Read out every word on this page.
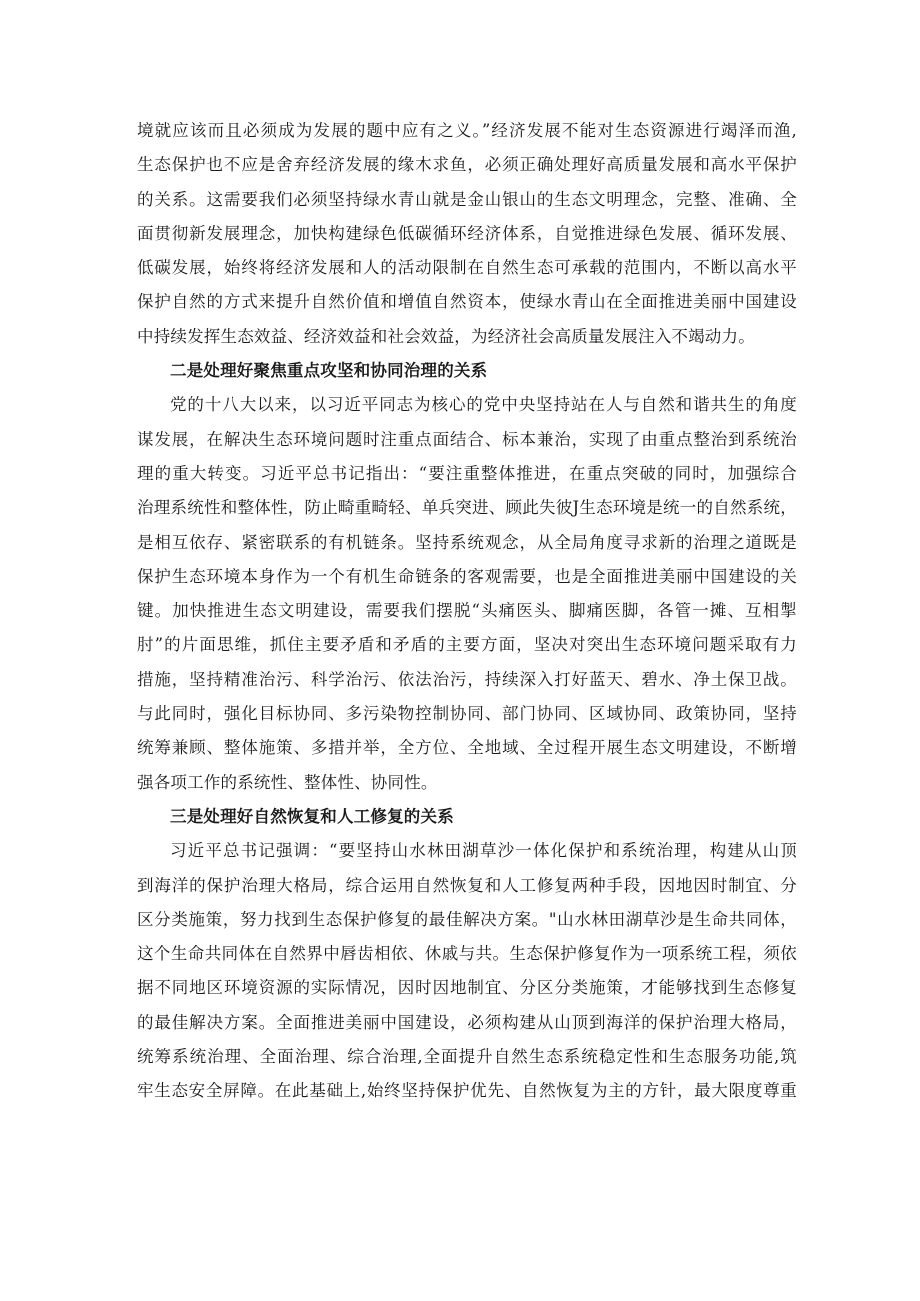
境就应该而且必须成为发展的题中应有之义。”经济发展不能对生态资源进行竭泽而渔,
生态保护也不应是舍弃经济发展的缘木求鱼，必须正确处理好高质量发展和高水平保护
的关系。这需要我们必须坚持绿水青山就是金山银山的生态文明理念，完整、准确、全
面贯彻新发展理念，加快构建绿色低碳循环经济体系，自觉推进绿色发展、循环发展、
低碳发展，始终将经济发展和人的活动限制在自然生态可承载的范围内，不断以高水平
保护自然的方式来提升自然价值和增值自然资本，使绿水青山在全面推进美丽中国建设
中持续发挥生态效益、经济效益和社会效益，为经济社会高质量发展注入不竭动力。
二是处理好聚焦重点攻坚和协同治理的关系
党的十八大以来，以习近平同志为核心的党中央坚持站在人与自然和谐共生的角度
谋发展，在解决生态环境问题时注重点面结合、标本兼治，实现了由重点整治到系统治
理的重大转变。习近平总书记指出：“要注重整体推进，在重点突破的同时，加强综合
治理系统性和整体性，防止畸重畸轻、单兵突进、顾此失彼J生态环境是统一的自然系统，
是相互依存、紧密联系的有机链条。坚持系统观念，从全局角度寻求新的治理之道既是
保护生态环境本身作为一个有机生命链条的客观需要，也是全面推进美丽中国建设的关
键。加快推进生态文明建设，需要我们摆脱“头痛医头、脚痛医脚，各管一摊、互相掣
肘”的片面思维，抓住主要矛盾和矛盾的主要方面，坚决对突出生态环境问题采取有力
措施，坚持精准治污、科学治污、依法治污，持续深入打好蓝天、碧水、净土保卫战。
与此同时，强化目标协同、多污染物控制协同、部门协同、区域协同、政策协同，坚持
统筹兼顾、整体施策、多措并举，全方位、全地域、全过程开展生态文明建设，不断增
强各项工作的系统性、整体性、协同性。
三是处理好自然恢复和人工修复的关系
习近平总书记强调：“要坚持山水林田湖草沙一体化保护和系统治理，构建从山顶
到海洋的保护治理大格局，综合运用自然恢复和人工修复两种手段，因地因时制宜、分
区分类施策，努力找到生态保护修复的最佳解决方案。"山水林田湖草沙是生命共同体，
这个生命共同体在自然界中唇齿相依、休戚与共。生态保护修复作为一项系统工程，须依
据不同地区环境资源的实际情况，因时因地制宜、分区分类施策，才能够找到生态修复
的最佳解决方案。全面推进美丽中国建设，必须构建从山顶到海洋的保护治理大格局，
统筹系统治理、全面治理、综合治理,全面提升自然生态系统稳定性和生态服务功能,筑
牢生态安全屏障。在此基础上,始终坚持保护优先、自然恢复为主的方针，最大限度尊重
